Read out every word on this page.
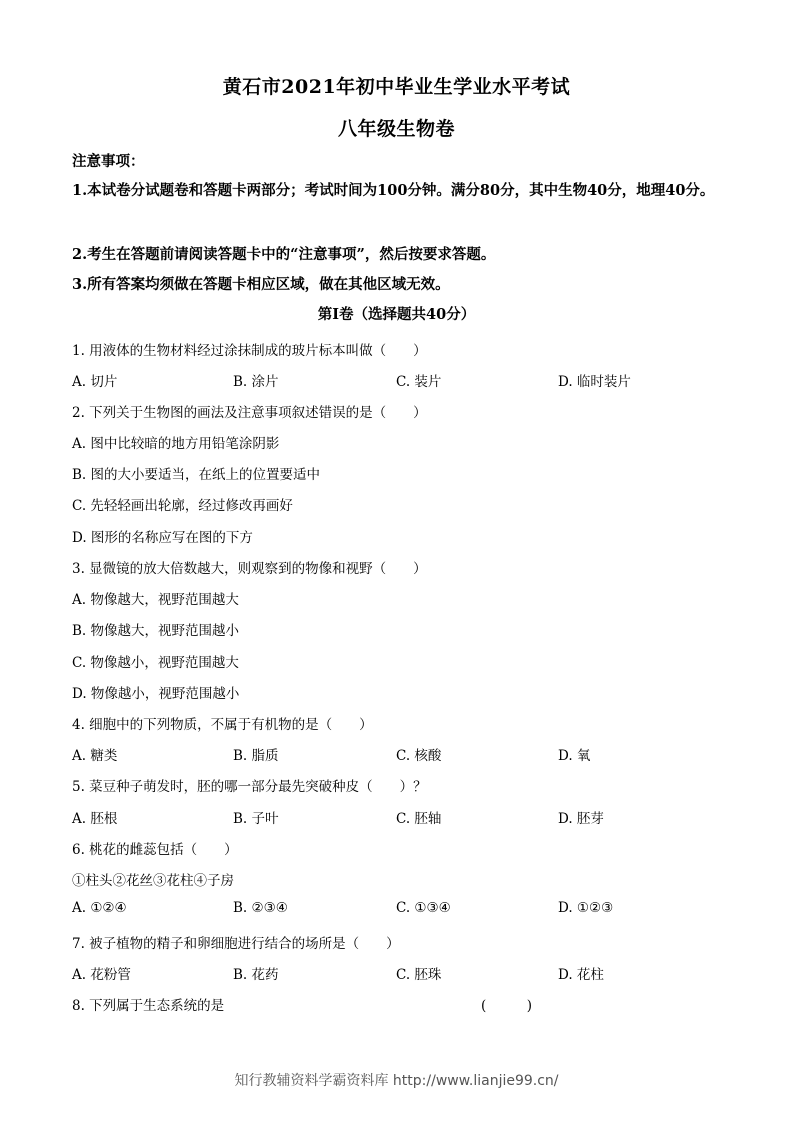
黄石市2021年初中毕业生学业水平考试
八年级生物卷
注意事项：
1.本试卷分试题卷和答题卡两部分；考试时间为100分钟。满分80分，其中生物40分，地理40分。
2.考生在答题前请阅读答题卡中的“注意事项”，然后按要求答题。
3.所有答案均须做在答题卡相应区域，做在其他区域无效。
第I卷（选择题共40分）
1. 用液体的生物材料经过涂抹制成的玻片标本叫做（　　）
A. 切片	B. 涂片	C. 装片	D. 临时装片
2. 下列关于生物图的画法及注意事项叙述错误的是（　　）
A. 图中比较暗的地方用铅笔涂阴影
B. 图的大小要适当，在纸上的位置要适中
C. 先轻轻画出轮廓，经过修改再画好
D. 图形的名称应写在图的下方
3. 显微镜的放大倍数越大，则观察到的物像和视野（　　）
A. 物像越大，视野范围越大
B. 物像越大，视野范围越小
C. 物像越小，视野范围越大
D. 物像越小，视野范围越小
4. 细胞中的下列物质，不属于有机物的是（　　）
A. 糖类	B. 脂质	C. 核酸	D. 氧
5. 菜豆种子萌发时，胚的哪一部分最先突破种皮（　　）？
A. 胚根	B. 子叶	C. 胚轴	D. 胚芽
6. 桃花的雌蕊包括（　　）
①柱头②花丝③花柱④子房
A. ①②④	B. ②③④	C. ①③④	D. ①②③
7. 被子植物的精子和卵细胞进行结合的场所是（　　）
A. 花粉管	B. 花药	C. 胚珠	D. 花柱
8. 下列属于生态系统的是	(　　　)
知行教辅资料学霸资料库 http://www.lianjie99.cn/
